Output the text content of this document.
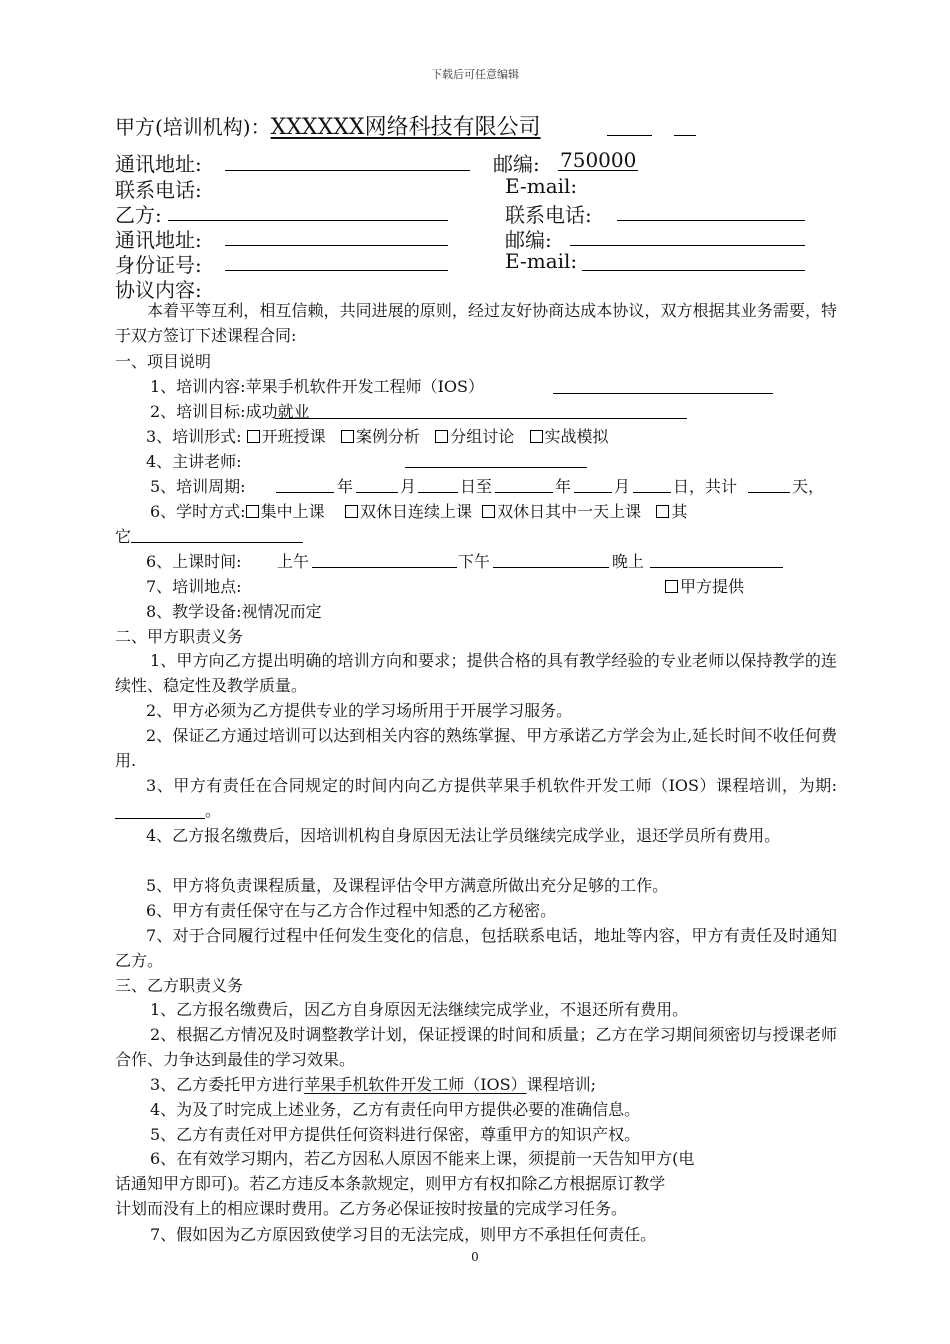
下载后可任意编辑
甲方(培训机构)：XXXXXX网络科技有限公司
通讯地址:	邮编: 750000
联系电话:	E-mail:
乙方:	联系电话:
通讯地址:	邮编:
身份证号:	E-mail:
协议内容:
本着平等互利，相互信赖，共同进展的原则，经过友好协商达成本协议，双方根据其业务需要，特于双方签订下述课程合同:
一、项目说明
1、培训内容:苹果手机软件开发工程师（IOS）
2、培训目标:成功就业
3、培训形式: 开班授课 案例分析 分组讨论 实战模拟
4、主讲老师:
5、培训周期:	年	月	日至	年	月	日，共计	天，
6、学时方式: 集中上课 双休日连续上课 双休日其中一天上课 其
它
6、上课时间: 上午	下午	晚上
7、培训地点:	甲方提供
8、教学设备:视情况而定
二、甲方职责义务
1、甲方向乙方提出明确的培训方向和要求；提供合格的具有教学经验的专业老师以保持教学的连续性、稳定性及教学质量。
2、甲方必须为乙方提供专业的学习场所用于开展学习服务。
2、保证乙方通过培训可以达到相关内容的熟练掌握、甲方承诺乙方学会为止,延长时间不收任何费用.
3、甲方有责任在合同规定的时间内向乙方提供苹果手机软件开发工师（IOS）课程培训，为期:。
4、乙方报名缴费后，因培训机构自身原因无法让学员继续完成学业，退还学员所有费用。
5、甲方将负责课程质量，及课程评估令甲方满意所做出充分足够的工作。
6、甲方有责任保守在与乙方合作过程中知悉的乙方秘密。
7、对于合同履行过程中任何发生变化的信息，包括联系电话，地址等内容，甲方有责任及时通知乙方。
三、乙方职责义务
1、乙方报名缴费后，因乙方自身原因无法继续完成学业，不退还所有费用。
2、根据乙方情况及时调整教学计划，保证授课的时间和质量；乙方在学习期间须密切与授课老师合作、力争达到最佳的学习效果。
3、乙方委托甲方进行苹果手机软件开发工师（IOS）课程培训;
4、为及了时完成上述业务，乙方有责任向甲方提供必要的准确信息。
5、乙方有责任对甲方提供任何资料进行保密，尊重甲方的知识产权。
6、在有效学习期内，若乙方因私人原因不能来上课，须提前一天告知甲方(电
话通知甲方即可)。若乙方违反本条款规定，则甲方有权扣除乙方根据原订教学
计划而没有上的相应课时费用。乙方务必保证按时按量的完成学习任务。
7、假如因为乙方原因致使学习目的无法完成，则甲方不承担任何责任。
0
